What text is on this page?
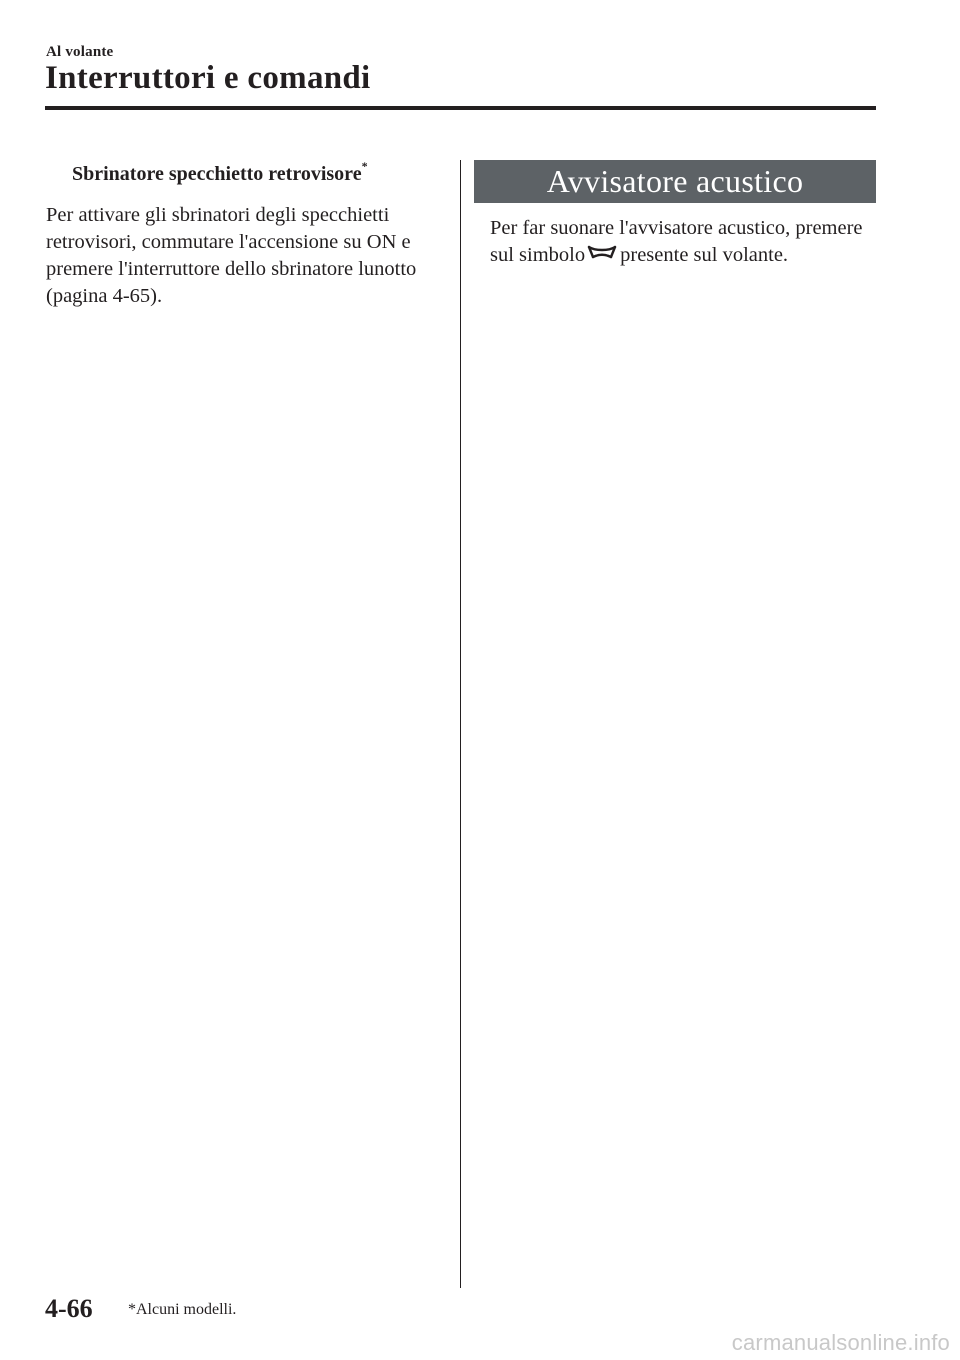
Al volante
Interruttori e comandi
Sbrinatore specchietto retrovisore*
Per attivare gli sbrinatori degli specchietti retrovisori, commutare l'accensione su ON e premere l'interruttore dello sbrinatore lunotto (pagina 4-65).
Avvisatore acustico
Per far suonare l'avvisatore acustico, premere sul simbolo presente sul volante.
4-66 *Alcuni modelli.
carmanualsonline.info
